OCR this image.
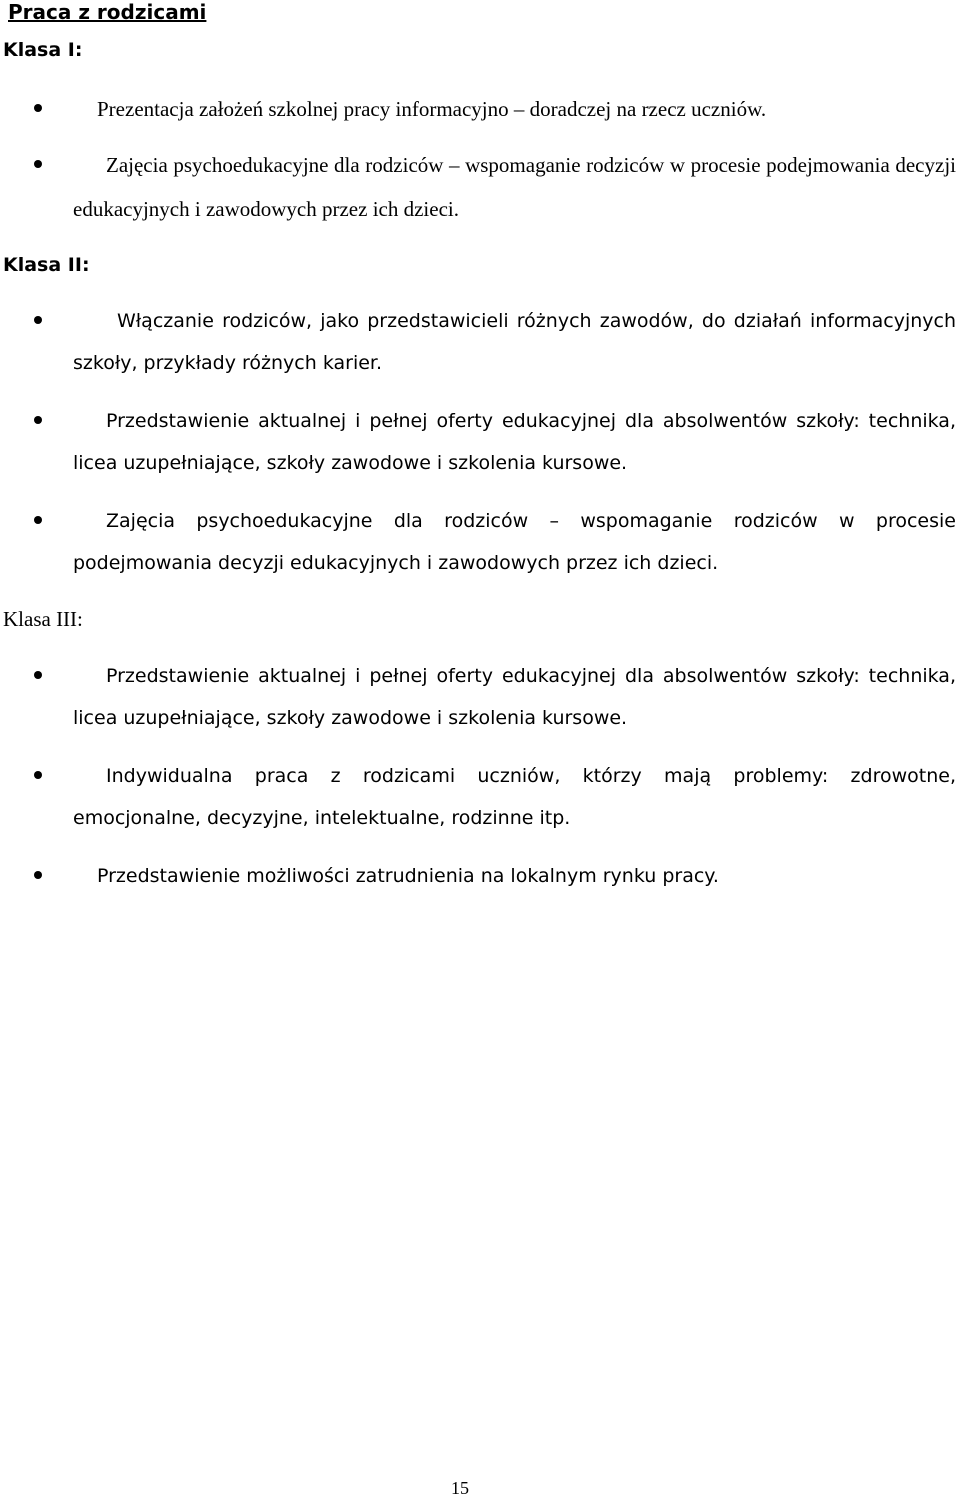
Praca z rodzicami
Klasa I:
Prezentacja założeń szkolnej pracy informacyjno – doradczej na rzecz uczniów.
Zajęcia psychoedukacyjne dla rodziców – wspomaganie rodziców w procesie podejmowania decyzji edukacyjnych i zawodowych przez ich dzieci.
Klasa II:
Włączanie rodziców, jako przedstawicieli różnych zawodów, do działań informacyjnych szkoły, przykłady różnych karier.
Przedstawienie aktualnej i pełnej oferty edukacyjnej dla absolwentów szkoły: technika, licea uzupełniające, szkoły zawodowe i szkolenia kursowe.
Zajęcia psychoedukacyjne dla rodziców – wspomaganie rodziców w procesie podejmowania decyzji edukacyjnych i zawodowych przez ich dzieci.
Klasa III:
Przedstawienie aktualnej i pełnej oferty edukacyjnej dla absolwentów szkoły: technika, licea uzupełniające, szkoły zawodowe i szkolenia kursowe.
Indywidualna praca z rodzicami uczniów, którzy mają problemy: zdrowotne, emocjonalne, decyzyjne, intelektualne, rodzinne itp.
Przedstawienie możliwości zatrudnienia na lokalnym rynku pracy.
15
